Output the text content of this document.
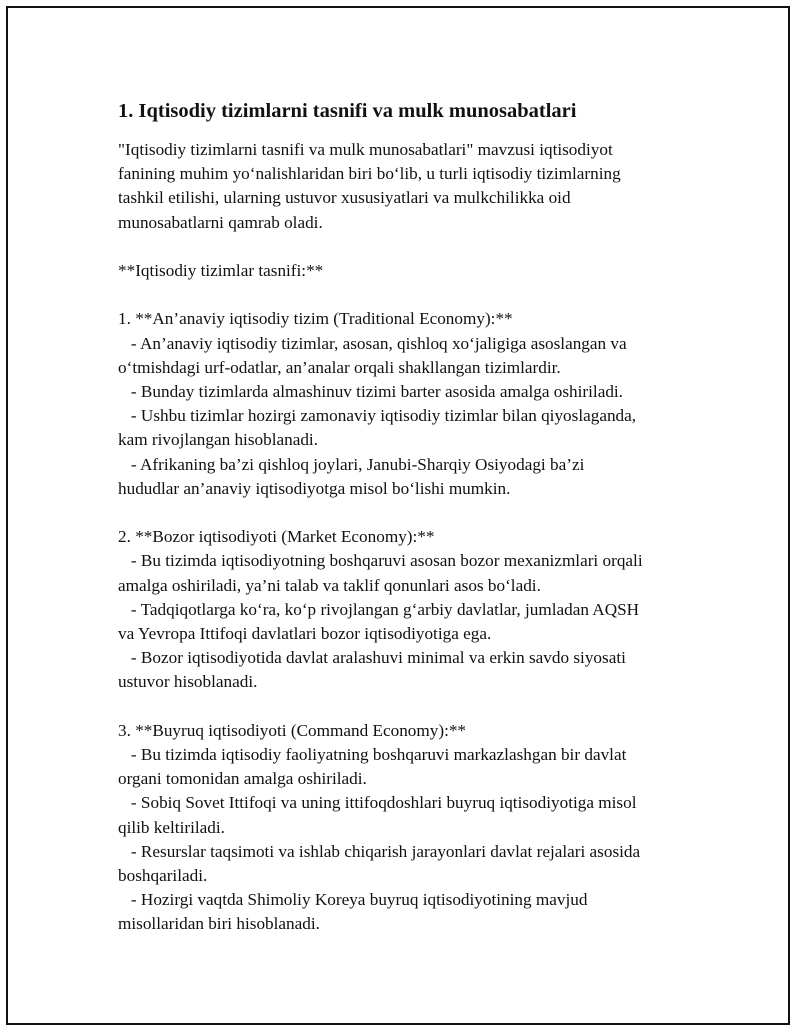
1. Iqtisodiy tizimlarni tasnifi va mulk munosabatlari

"Iqtisodiy tizimlarni tasnifi va mulk munosabatlari" mavzusi iqtisodiyot
fanining muhim yo‘nalishlaridan biri bo‘lib, u turli iqtisodiy tizimlarning
tashkil etilishi, ularning ustuvor xususiyatlari va mulkchilikka oid
munosabatlarni qamrab oladi.

**Iqtisodiy tizimlar tasnifi:**

1. **An’anaviy iqtisodiy tizim (Traditional Economy):**
- An’anaviy iqtisodiy tizimlar, asosan, qishloq xo‘jaligiga asoslangan va
o‘tmishdagi urf-odatlar, an’analar orqali shakllangan tizimlardir.
- Bunday tizimlarda almashinuv tizimi barter asosida amalga oshiriladi.
- Ushbu tizimlar hozirgi zamonaviy iqtisodiy tizimlar bilan qiyoslaganda,
kam rivojlangan hisoblanadi.
- Afrikaning ba’zi qishloq joylari, Janubi-Sharqiy Osiyodagi ba’zi
hududlar an’anaviy iqtisodiyotga misol bo‘lishi mumkin.

2. **Bozor iqtisodiyoti (Market Economy):**
- Bu tizimda iqtisodiyotning boshqaruvi asosan bozor mexanizmlari orqali
amalga oshiriladi, ya’ni talab va taklif qonunlari asos bo‘ladi.
- Tadqiqotlarga ko‘ra, ko‘p rivojlangan g‘arbiy davlatlar, jumladan AQSH
va Yevropa Ittifoqi davlatlari bozor iqtisodiyotiga ega.
- Bozor iqtisodiyotida davlat aralashuvi minimal va erkin savdo siyosati
ustuvor hisoblanadi.

3. **Buyruq iqtisodiyoti (Command Economy):**
- Bu tizimda iqtisodiy faoliyatning boshqaruvi markazlashgan bir davlat
organi tomonidan amalga oshiriladi.
- Sobiq Sovet Ittifoqi va uning ittifoqdoshlari buyruq iqtisodiyotiga misol
qilib keltiriladi.
- Resurslar taqsimoti va ishlab chiqarish jarayonlari davlat rejalari asosida
boshqariladi.
- Hozirgi vaqtda Shimoliy Koreya buyruq iqtisodiyotining mavjud
misollaridan biri hisoblanadi.
